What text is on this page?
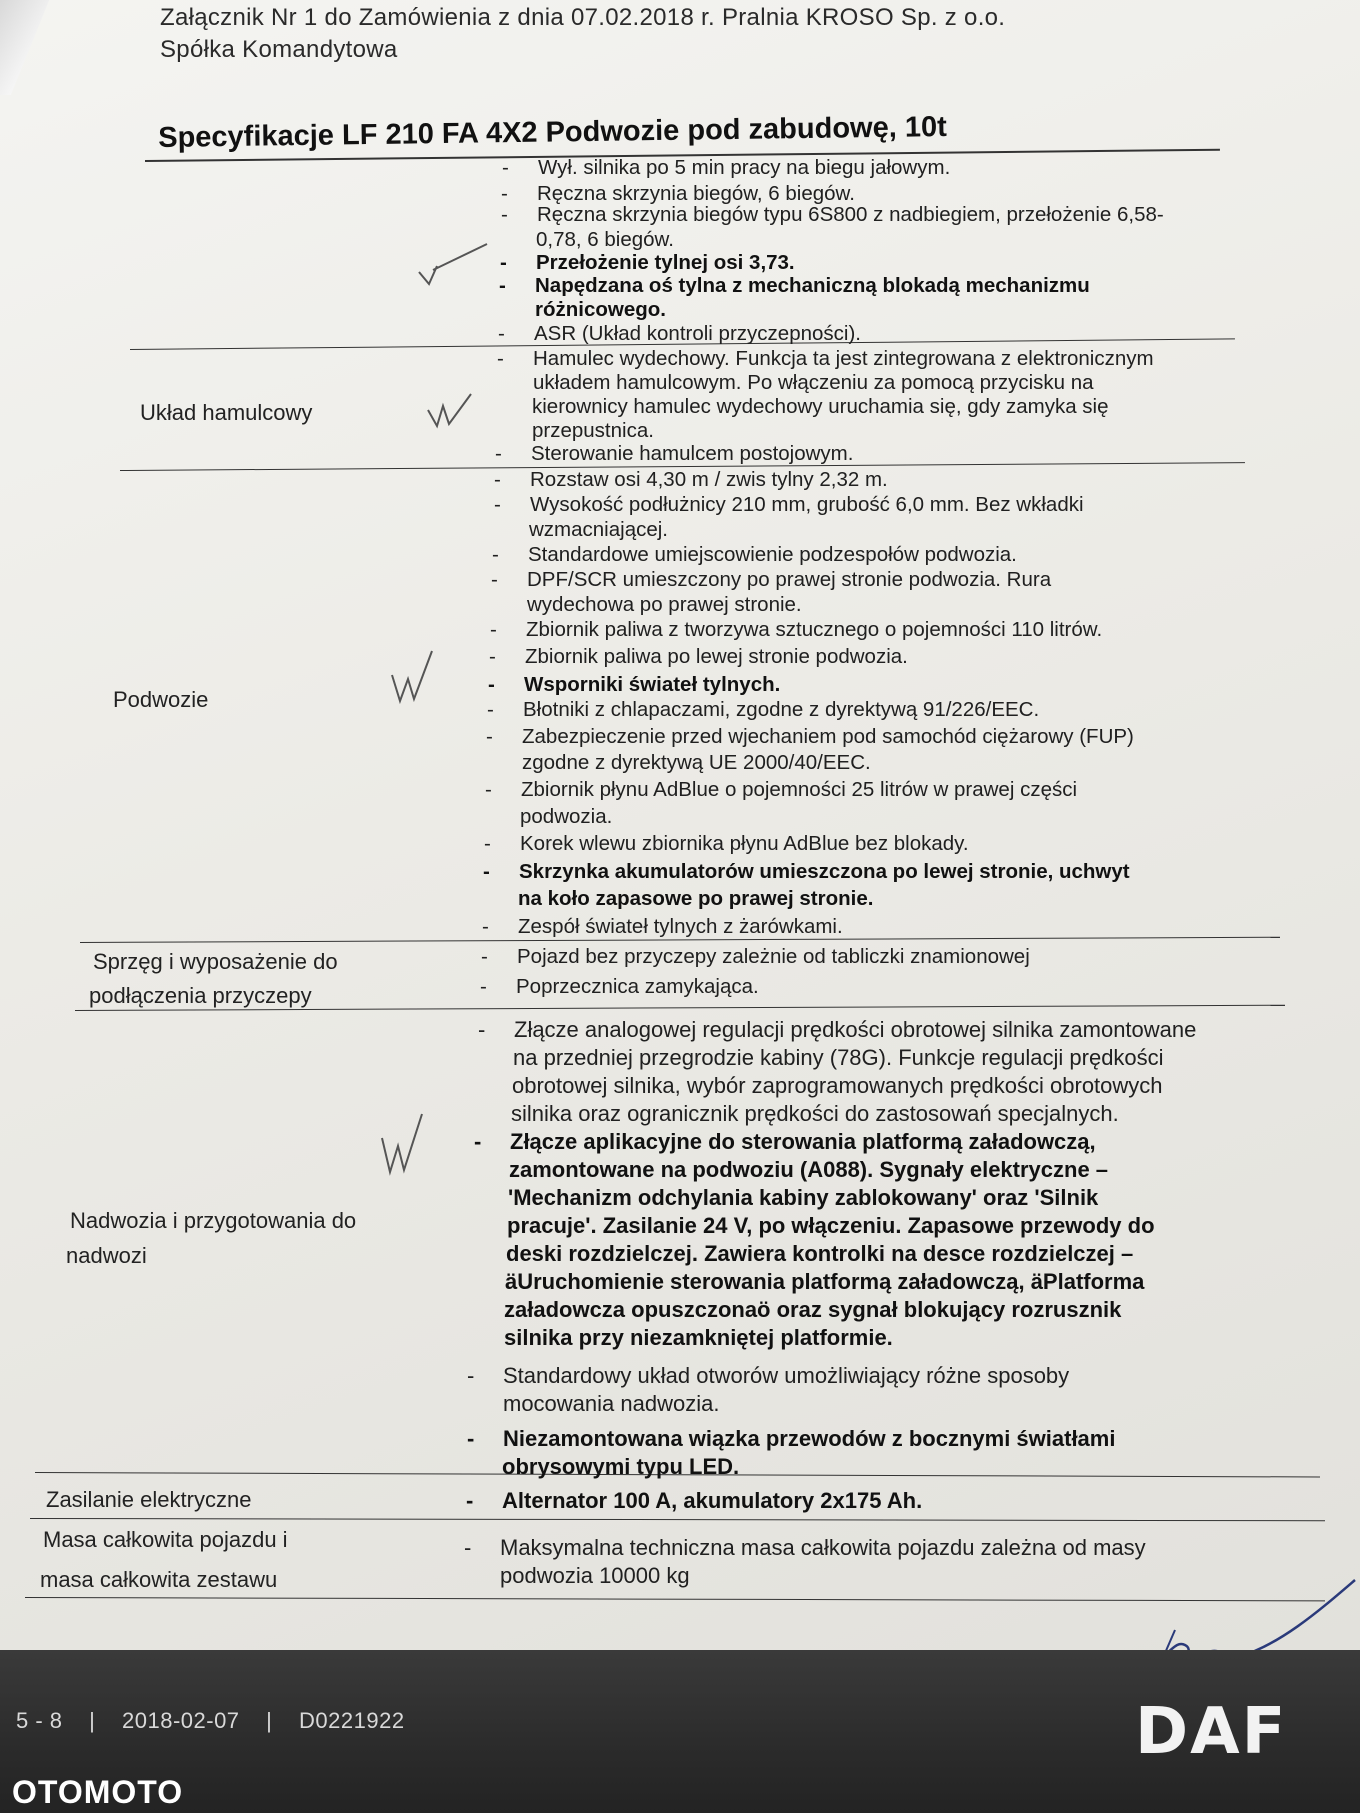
Załącznik Nr 1 do Zamówienia z dnia 07.02.2018 r. Pralnia KROSO Sp. z o.o.
Spółka Komandytowa
Specyfikacje LF 210 FA 4X2 Podwozie pod zabudowę, 10t
Układ hamulcowy
Podwozie
Sprzęg i wyposażenie do
podłączenia przyczepy
Nadwozia i przygotowania do
nadwozi
Zasilanie elektryczne
Masa całkowita pojazdu i
masa całkowita zestawu
- Wył. silnika po 5 min pracy na biegu jałowym.
- Ręczna skrzynia biegów, 6 biegów.
- Ręczna skrzynia biegów typu 6S800 z nadbiegiem, przełożenie 6,58-
0,78, 6 biegów.
- Przełożenie tylnej osi 3,73.
- Napędzana oś tylna z mechaniczną blokadą mechanizmu
różnicowego.
- ASR (Układ kontroli przyczepności).
- Hamulec wydechowy. Funkcja ta jest zintegrowana z elektronicznym
układem hamulcowym. Po włączeniu za pomocą przycisku na
kierownicy hamulec wydechowy uruchamia się, gdy zamyka się
przepustnica.
- Sterowanie hamulcem postojowym.
- Rozstaw osi 4,30 m / zwis tylny 2,32 m.
- Wysokość podłużnicy 210 mm, grubość 6,0 mm. Bez wkładki
wzmacniającej.
- Standardowe umiejscowienie podzespołów podwozia.
- DPF/SCR umieszczony po prawej stronie podwozia. Rura
wydechowa po prawej stronie.
- Zbiornik paliwa z tworzywa sztucznego o pojemności 110 litrów.
- Zbiornik paliwa po lewej stronie podwozia.
- Wsporniki świateł tylnych.
- Błotniki z chlapaczami, zgodne z dyrektywą 91/226/EEC.
- Zabezpieczenie przed wjechaniem pod samochód ciężarowy (FUP)
zgodne z dyrektywą UE 2000/40/EEC.
- Zbiornik płynu AdBlue o pojemności 25 litrów w prawej części
podwozia.
- Korek wlewu zbiornika płynu AdBlue bez blokady.
- Skrzynka akumulatorów umieszczona po lewej stronie, uchwyt
na koło zapasowe po prawej stronie.
- Zespół świateł tylnych z żarówkami.
- Pojazd bez przyczepy zależnie od tabliczki znamionowej
- Poprzecznica zamykająca.
- Złącze analogowej regulacji prędkości obrotowej silnika zamontowane
na przedniej przegrodzie kabiny (78G). Funkcje regulacji prędkości
obrotowej silnika, wybór zaprogramowanych prędkości obrotowych
silnika oraz ogranicznik prędkości do zastosowań specjalnych.
- Złącze aplikacyjne do sterowania platformą załadowczą,
zamontowane na podwoziu (A088). Sygnały elektryczne –
'Mechanizm odchylania kabiny zablokowany' oraz 'Silnik
pracuje'. Zasilanie 24 V, po włączeniu. Zapasowe przewody do
deski rozdzielczej. Zawiera kontrolki na desce rozdzielczej –
äUruchomienie sterowania platformą załadowczą, äPlatforma
załadowcza opuszczonaö oraz sygnał blokujący rozrusznik
silnika przy niezamkniętej platformie.
- Standardowy układ otworów umożliwiający różne sposoby
mocowania nadwozia.
- Niezamontowana wiązka przewodów z bocznymi światłami
obrysowymi typu LED.
- Alternator 100 A, akumulatory 2x175 Ah.
- Maksymalna techniczna masa całkowita pojazdu zależna od masy
podwozia 10000 kg
5 - 8 | 2018-02-07 | D0221922	DAF
OTOMOTO
